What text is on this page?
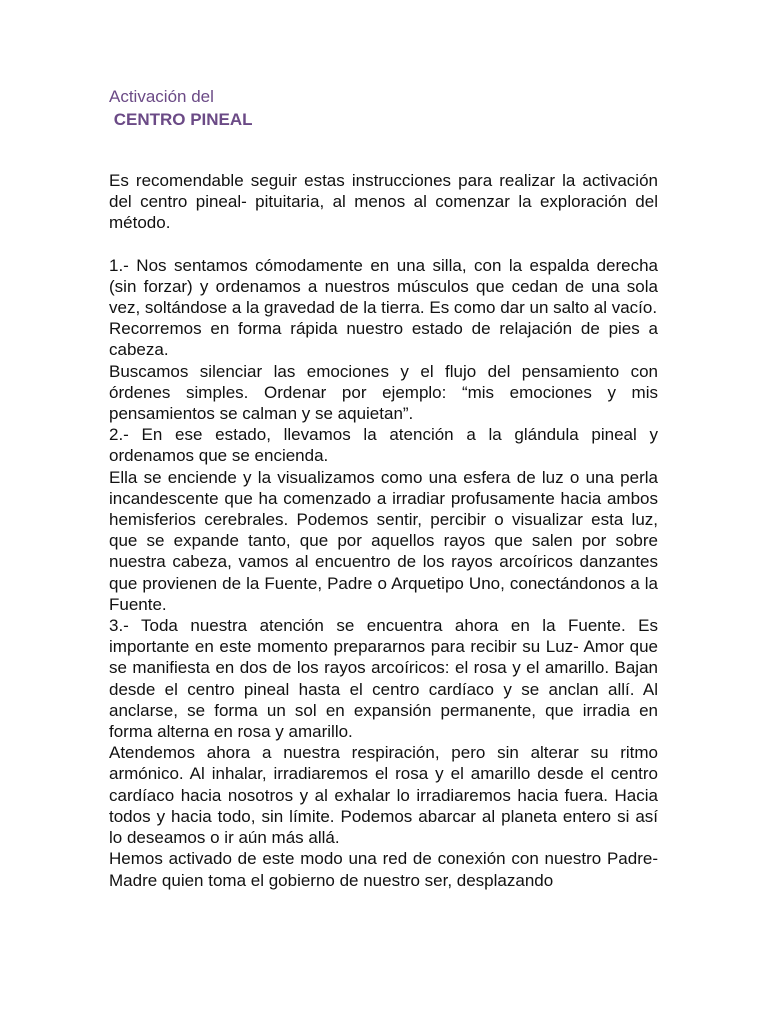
Activación del
CENTRO PINEAL

Es recomendable seguir estas instrucciones para realizar la activación del centro pineal- pituitaria, al menos al comenzar la exploración del método.

1.- Nos sentamos cómodamente en una silla, con la espalda derecha (sin forzar) y ordenamos a nuestros músculos que cedan de una sola vez, soltándose a la gravedad de la tierra. Es como dar un salto al vacío.

Recorremos en forma rápida nuestro estado de relajación de pies a cabeza.

Buscamos silenciar las emociones y el flujo del pensamiento con órdenes simples. Ordenar por ejemplo: “mis emociones y mis pensamientos se calman y se aquietan”.

2.- En ese estado, llevamos la atención a la glándula pineal y ordenamos que se encienda.

Ella se enciende y la visualizamos como una esfera de luz o una perla incandescente que ha comenzado a irradiar profusamente hacia ambos hemisferios cerebrales. Podemos sentir, percibir o visualizar esta luz, que se expande tanto, que por aquellos rayos que salen por sobre nuestra cabeza, vamos al encuentro de los rayos arcoíricos danzantes que provienen de la Fuente, Padre o Arquetipo Uno, conectándonos a la Fuente.

3.- Toda nuestra atención se encuentra ahora en la Fuente. Es importante en este momento prepararnos para recibir su Luz- Amor que se manifiesta en dos de los rayos arcoíricos: el rosa y el amarillo. Bajan desde el centro pineal hasta el centro cardíaco y se anclan allí. Al anclarse, se forma un sol en expansión permanente, que irradia en forma alterna en rosa y amarillo.

Atendemos ahora a nuestra respiración, pero sin alterar su ritmo armónico. Al inhalar, irradiaremos el rosa y el amarillo desde el centro cardíaco hacia nosotros y al exhalar lo irradiaremos hacia fuera. Hacia todos y hacia todo, sin límite. Podemos abarcar al planeta entero si así lo deseamos o ir aún más allá.

Hemos activado de este modo una red de conexión con nuestro Padre- Madre quien toma el gobierno de nuestro ser, desplazando
